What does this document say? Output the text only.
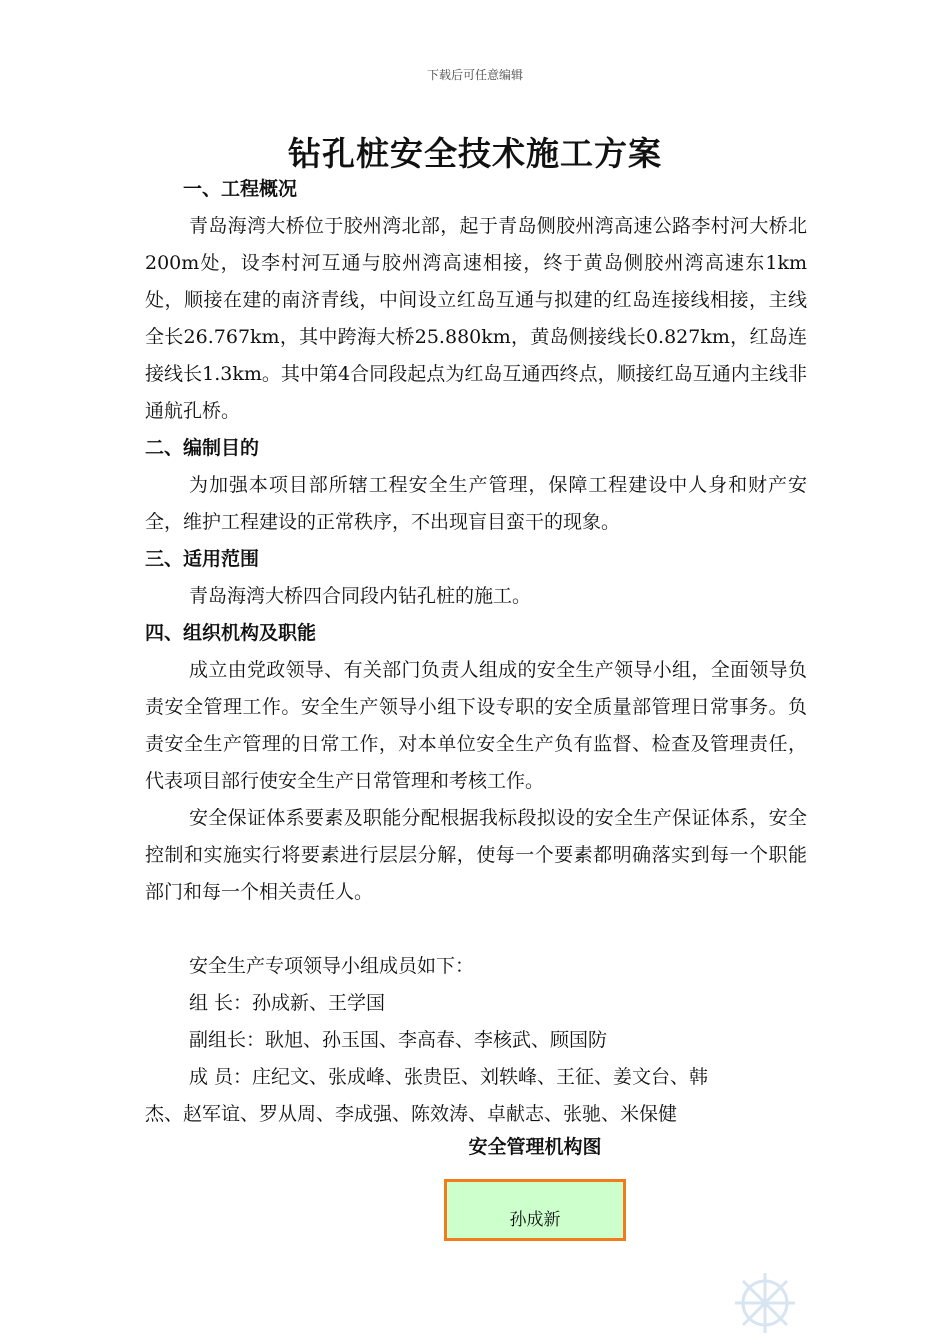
下载后可任意编辑
钻孔桩安全技术施工方案
一、工程概况
青岛海湾大桥位于胶州湾北部，起于青岛侧胶州湾高速公路李村河大桥北200m处，设李村河互通与胶州湾高速相接，终于黄岛侧胶州湾高速东1km处，顺接在建的南济青线，中间设立红岛互通与拟建的红岛连接线相接，主线全长26.767km，其中跨海大桥25.880km，黄岛侧接线长0.827km，红岛连接线长1.3km。其中第4合同段起点为红岛互通西终点，顺接红岛互通内主线非通航孔桥。
二、编制目的
为加强本项目部所辖工程安全生产管理，保障工程建设中人身和财产安全，维护工程建设的正常秩序，不出现盲目蛮干的现象。
三、适用范围
青岛海湾大桥四合同段内钻孔桩的施工。
四、组织机构及职能
成立由党政领导、有关部门负责人组成的安全生产领导小组，全面领导负责安全管理工作。安全生产领导小组下设专职的安全质量部管理日常事务。负责安全生产管理的日常工作，对本单位安全生产负有监督、检查及管理责任，代表项目部行使安全生产日常管理和考核工作。
安全保证体系要素及职能分配根据我标段拟设的安全生产保证体系，安全控制和实施实行将要素进行层层分解，使每一个要素都明确落实到每一个职能部门和每一个相关责任人。
安全生产专项领导小组成员如下：
组 长：孙成新、王学国
副组长：耿旭、孙玉国、李高春、李核武、顾国防
成 员：庄纪文、张成峰、张贵臣、刘轶峰、王征、姜文台、韩
杰、赵军谊、罗从周、李成强、陈效涛、卓献志、张驰、米保健
安全管理机构图
孙成新
